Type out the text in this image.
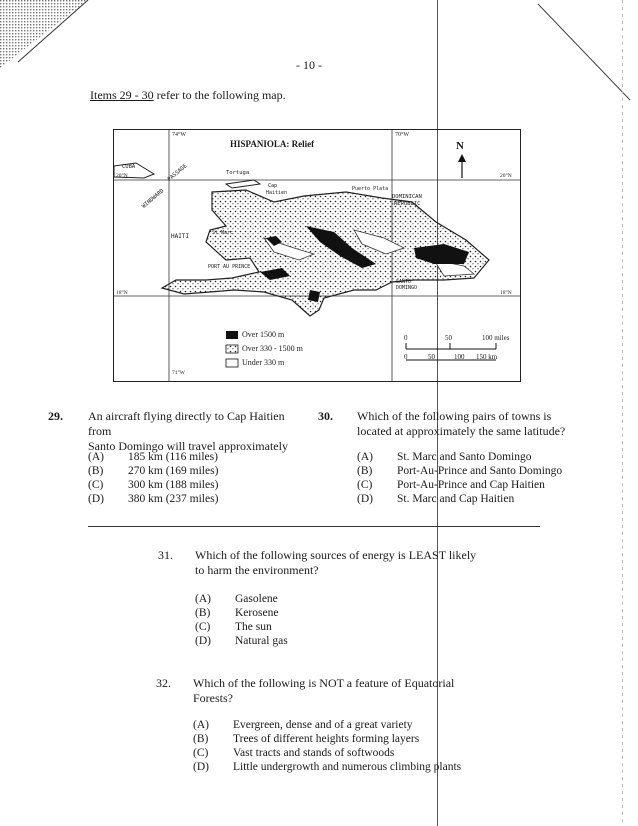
- 10 -
Items 29 - 30 refer to the following map.
74°W	70°W
HISPANIOLA: Relief	N
CUBA
20°N	20°N
WINDWARD
PASSAGE	Tortuga
Cap
Haitien
Puerto Plata
DOMINICAN
REPUBLIC
HAITI	St Marc
PORT AU PRINCE
SANTO
DOMINGO
18°N	18°N
71°W
Over 1500 m
Over 330 - 1500 m
Under 330 m
0	50	100 miles
0	50	100 150 km
29. An aircraft flying directly to Cap Haitien from
Santo Domingo will travel approximately
(A) 185 km (116 miles)
(B) 270 km (169 miles)
(C) 300 km (188 miles)
(D) 380 km (237 miles)
30. Which of the following pairs of towns is
located at approximately the same latitude?
(A) St. Marc and Santo Domingo
(B) Port-Au-Prince and Santo Domingo
(C) Port-Au-Prince and Cap Haitien
(D) St. Marc and Cap Haitien
31. Which of the following sources of energy is LEAST likely
to harm the environment?
(A) Gasolene
(B) Kerosene
(C) The sun
(D) Natural gas
32. Which of the following is NOT a feature of Equatorial
Forests?
(A) Evergreen, dense and of a great variety
(B) Trees of different heights forming layers
(C) Vast tracts and stands of softwoods
(D) Little undergrowth and numerous climbing plants
